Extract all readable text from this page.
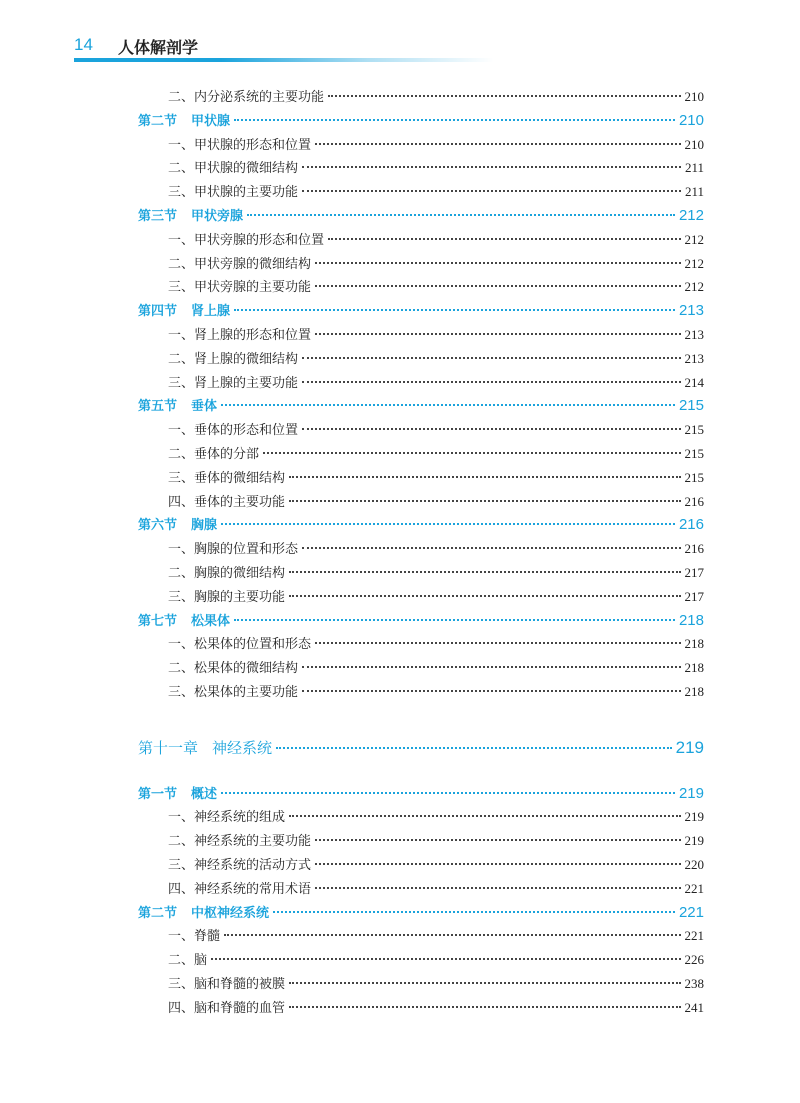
14 人体解剖学
二、内分泌系统的主要功能	210
第二节 甲状腺	210
一、甲状腺的形态和位置	210
二、甲状腺的微细结构	211
三、甲状腺的主要功能	211
第三节 甲状旁腺	212
一、甲状旁腺的形态和位置	212
二、甲状旁腺的微细结构	212
三、甲状旁腺的主要功能	212
第四节 肾上腺	213
一、肾上腺的形态和位置	213
二、肾上腺的微细结构	213
三、肾上腺的主要功能	214
第五节 垂体	215
一、垂体的形态和位置	215
二、垂体的分部	215
三、垂体的微细结构	215
四、垂体的主要功能	216
第六节 胸腺	216
一、胸腺的位置和形态	216
二、胸腺的微细结构	217
三、胸腺的主要功能	217
第七节 松果体	218
一、松果体的位置和形态	218
二、松果体的微细结构	218
三、松果体的主要功能	218
第十一章 神经系统	219
第一节 概述	219
一、神经系统的组成	219
二、神经系统的主要功能	219
三、神经系统的活动方式	220
四、神经系统的常用术语	221
第二节 中枢神经系统	221
一、脊髓	221
二、脑	226
三、脑和脊髓的被膜	238
四、脑和脊髓的血管	241
